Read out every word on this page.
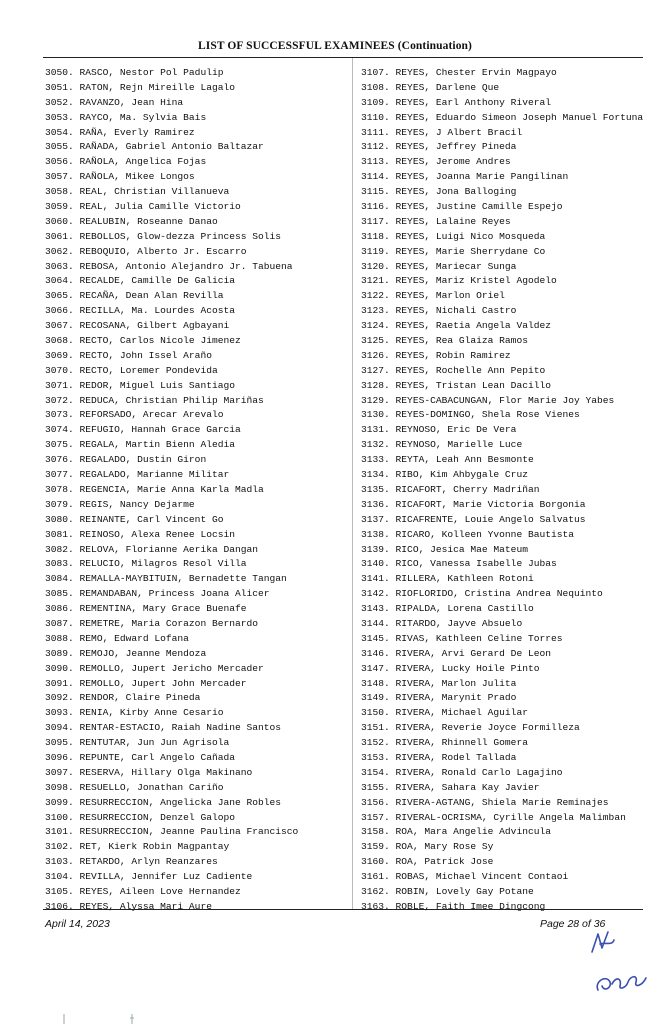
LIST OF SUCCESSFUL EXAMINEES (Continuation)
3050. RASCO, Nestor Pol Padulip
3051. RATON, Rejn Mireille Lagalo
3052. RAVANZO, Jean Hina
3053. RAYCO, Ma. Sylvia Bais
3054. RAÑA, Everly Ramirez
3055. RAÑADA, Gabriel Antonio Baltazar
3056. RAÑOLA, Angelica Fojas
3057. RAÑOLA, Mikee Longos
3058. REAL, Christian Villanueva
3059. REAL, Julia Camille Victorio
3060. REALUBIN, Roseanne Danao
3061. REBOLLOS, Glow-dezza Princess Solis
3062. REBOQUIO, Alberto Jr. Escarro
3063. REBOSA, Antonio Alejandro Jr. Tabuena
3064. RECALDE, Camille De Galicia
3065. RECAÑA, Dean Alan Revilla
3066. RECILLA, Ma. Lourdes Acosta
3067. RECOSANA, Gilbert Agbayani
3068. RECTO, Carlos Nicole Jimenez
3069. RECTO, John Issel Araño
3070. RECTO, Loremer Pondevida
3071. REDOR, Miguel Luis Santiago
3072. REDUCA, Christian Philip Mariñas
3073. REFORSADO, Arecar Arevalo
3074. REFUGIO, Hannah Grace Garcia
3075. REGALA, Martin Bienn Aledia
3076. REGALADO, Dustin Giron
3077. REGALADO, Marianne Militar
3078. REGENCIA, Marie Anna Karla Madla
3079. REGIS, Nancy Dejarme
3080. REINANTE, Carl Vincent Go
3081. REINOSO, Alexa Renee Locsin
3082. RELOVA, Florianne Aerika Dangan
3083. RELUCIO, Milagros Resol Villa
3084. REMALLA-MAYBITUIN, Bernadette Tangan
3085. REMANDABAN, Princess Joana Alicer
3086. REMENTINA, Mary Grace Buenafe
3087. REMETRE, Maria Corazon Bernardo
3088. REMO, Edward Lofana
3089. REMOJO, Jeanne Mendoza
3090. REMOLLO, Jupert Jericho Mercader
3091. REMOLLO, Jupert John Mercader
3092. RENDOR, Claire Pineda
3093. RENIA, Kirby Anne Cesario
3094. RENTAR-ESTACIO, Raiah Nadine Santos
3095. RENTUTAR, Jun Jun Agrisola
3096. REPUNTE, Carl Angelo Cañada
3097. RESERVA, Hillary Olga Makinano
3098. RESUELLO, Jonathan Cariño
3099. RESURRECCION, Angelicka Jane Robles
3100. RESURRECCION, Denzel Galopo
3101. RESURRECCION, Jeanne Paulina Francisco
3102. RET, Kierk Robin Magpantay
3103. RETARDO, Arlyn Reanzares
3104. REVILLA, Jennifer Luz Cadiente
3105. REYES, Aileen Love Hernandez
3106. REYES, Alyssa Mari Aure
3107. REYES, Chester Ervin Magpayo
3108. REYES, Darlene Que
3109. REYES, Earl Anthony Riveral
3110. REYES, Eduardo Simeon Joseph Manuel Fortuna
3111. REYES, J Albert Bracil
3112. REYES, Jeffrey Pineda
3113. REYES, Jerome Andres
3114. REYES, Joanna Marie Pangilinan
3115. REYES, Jona Balloging
3116. REYES, Justine Camille Espejo
3117. REYES, Lalaine Reyes
3118. REYES, Luigi Nico Mosqueda
3119. REYES, Marie Sherrydane Co
3120. REYES, Mariecar Sunga
3121. REYES, Mariz Kristel Agodelo
3122. REYES, Marlon Oriel
3123. REYES, Nichali Castro
3124. REYES, Raetia Angela Valdez
3125. REYES, Rea Glaiza Ramos
3126. REYES, Robin Ramirez
3127. REYES, Rochelle Ann Pepito
3128. REYES, Tristan Lean Dacillo
3129. REYES-CABACUNGAN, Flor Marie Joy Yabes
3130. REYES-DOMINGO, Shela Rose Vienes
3131. REYNOSO, Eric De Vera
3132. REYNOSO, Marielle Luce
3133. REYTA, Leah Ann Besmonte
3134. RIBO, Kim Ahbygale Cruz
3135. RICAFORT, Cherry Madriñan
3136. RICAFORT, Marie Victoria Borgonia
3137. RICAFRENTE, Louie Angelo Salvatus
3138. RICARO, Kolleen Yvonne Bautista
3139. RICO, Jesica Mae Mateum
3140. RICO, Vanessa Isabelle Jubas
3141. RILLERA, Kathleen Rotoni
3142. RIOFLORIDO, Cristina Andrea Nequinto
3143. RIPALDA, Lorena Castillo
3144. RITARDO, Jayve Absuelo
3145. RIVAS, Kathleen Celine Torres
3146. RIVERA, Arvi Gerard De Leon
3147. RIVERA, Lucky Hoile Pinto
3148. RIVERA, Marlon Julita
3149. RIVERA, Marynit Prado
3150. RIVERA, Michael Aguilar
3151. RIVERA, Reverie Joyce Formilleza
3152. RIVERA, Rhinnell Gomera
3153. RIVERA, Rodel Tallada
3154. RIVERA, Ronald Carlo Lagajino
3155. RIVERA, Sahara Kay Javier
3156. RIVERA-AGTANG, Shiela Marie Reminajes
3157. RIVERAL-OCRISMA, Cyrille Angela Malimban
3158. ROA, Mara Angelie Advincula
3159. ROA, Mary Rose Sy
3160. ROA, Patrick Jose
3161. ROBAS, Michael Vincent Contaoi
3162. ROBIN, Lovely Gay Potane
3163. ROBLE, Faith Imee Dingcong
April 14, 2023	Page 28 of 36
